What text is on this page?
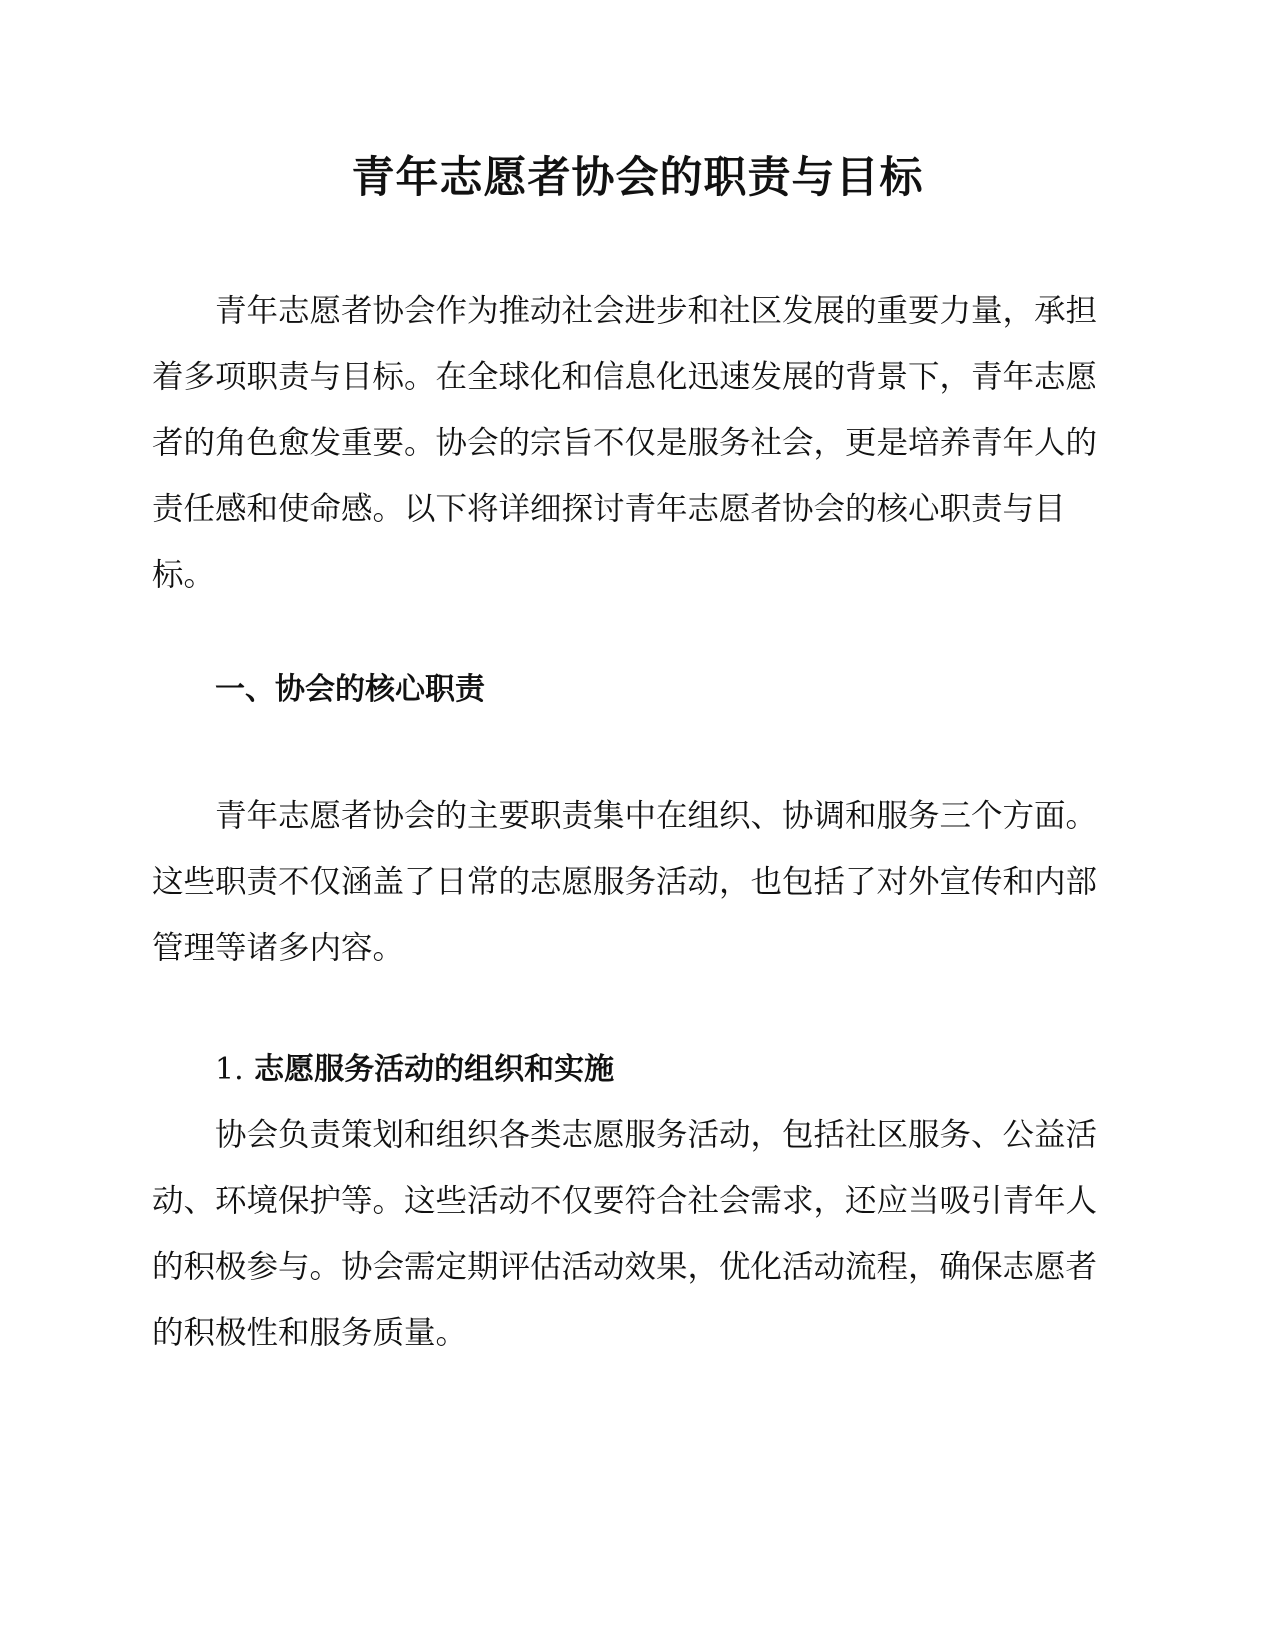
青年志愿者协会的职责与目标

青年志愿者协会作为推动社会进步和社区发展的重要力量，承担着多项职责与目标。在全球化和信息化迅速发展的背景下，青年志愿者的角色愈发重要。协会的宗旨不仅是服务社会，更是培养青年人的责任感和使命感。以下将详细探讨青年志愿者协会的核心职责与目标。

一、协会的核心职责

青年志愿者协会的主要职责集中在组织、协调和服务三个方面。这些职责不仅涵盖了日常的志愿服务活动，也包括了对外宣传和内部管理等诸多内容。

1. 志愿服务活动的组织和实施

协会负责策划和组织各类志愿服务活动，包括社区服务、公益活动、环境保护等。这些活动不仅要符合社会需求，还应当吸引青年人的积极参与。协会需定期评估活动效果，优化活动流程，确保志愿者的积极性和服务质量。
